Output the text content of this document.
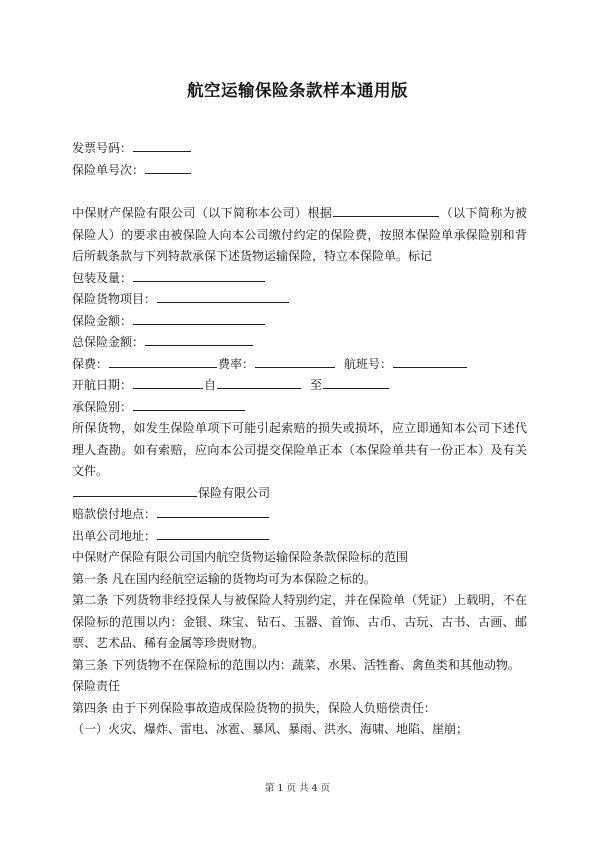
航空运输保险条款样本通用版
发票号码：
保险单号次：
中保财产保险有限公司（以下简称本公司）根据	（以下简称为被保险人）的要求由被保险人向本公司缴付约定的保险费，按照本保险单承保险别和背后所载条款与下列特款承保下述货物运输保险，特立本保险单。标记
包装及量：
保险货物项目：
保险金额：
总保险金额：
保费：	费率：	航班号：
开航日期：	自	至
承保险别：
所保货物，如发生保险单项下可能引起索赔的损失或损坏，应立即通知本公司下述代理人查勘。如有索赔，应向本公司提交保险单正本（本保险单共有一份正本）及有关文件。
保险有限公司
赔款偿付地点：
出单公司地址：
中保财产保险有限公司国内航空货物运输保险条款保险标的范围
第一条 凡在国内经航空运输的货物均可为本保险之标的。
第二条 下列货物非经投保人与被保险人特别约定，并在保险单（凭证）上载明，不在保险标的范围以内：金银、珠宝、钻石、玉器、首饰、古币、古玩、古书、古画、邮票、艺术品、稀有金属等珍贵财物。
第三条 下列货物不在保险标的范围以内：蔬菜、水果、活牲畜、禽鱼类和其他动物。
保险责任
第四条 由于下列保险事故造成保险货物的损失，保险人负赔偿责任：
（一）火灾、爆炸、雷电、冰雹、暴风、暴雨、洪水、海啸、地陷、崖崩；
第 1 页 共 4 页
